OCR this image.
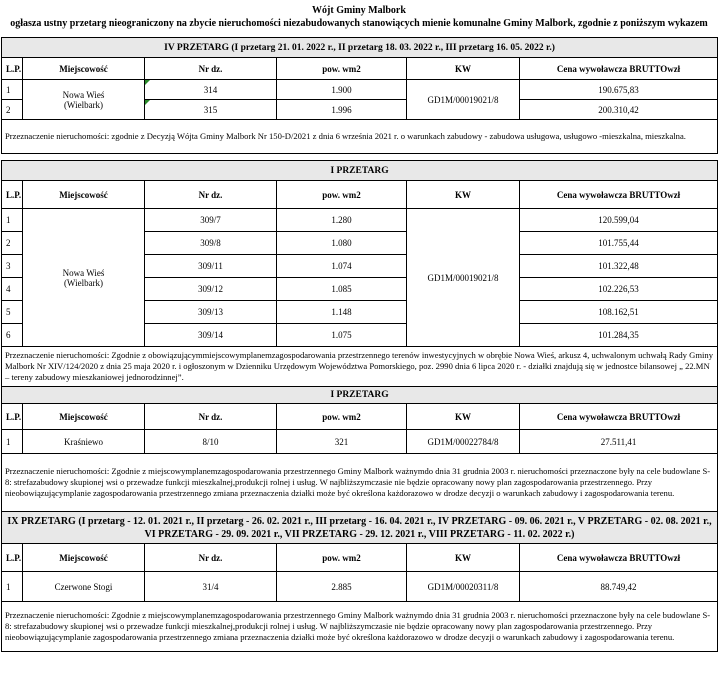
Wójt Gminy Malbork
ogłasza ustny przetarg nieograniczony na zbycie nieruchomości niezabudowanych stanowiących mienie komunalne Gminy Malbork, zgodnie z poniższym wykazem
IV PRZETARG (I przetarg 21. 01. 2022 r., II przetarg 18. 03. 2022 r., III przetarg 16. 05. 2022 r.)					
L.P.	Miejscowość	Nr dz.	pow. wm2	KW	Cena wywoławcza BRUTTOwzł
1	Nowa Wieś
(Wielbark)	314	1.900	GD1M/00019021/8	190.675,83
2		315	1.996		200.310,42
Przeznaczenie nieruchomości: zgodnie z Decyzją Wójta Gminy Malbork Nr 150-D/2021 z dnia 6 września 2021 r. o warunkach zabudowy - zabudowa usługowa, usługowo -mieszkalna, mieszkalna.					

I PRZETARG					
L.P.	Miejscowość	Nr dz.	pow. wm2	KW	Cena wywoławcza BRUTTOwzł
1	Nowa Wieś
(Wielbark)	309/7	1.280	GD1M/00019021/8	120.599,04
2		309/8	1.080		101.755,44
3		309/11	1.074		101.322,48
4		309/12	1.085		102.226,53
5		309/13	1.148		108.162,51
6		309/14	1.075		101.284,35
Przeznaczenie nieruchomości: Zgodnie z obowiązującymmiejscowymplanemzagospodarowania przestrzennego terenów inwestycyjnych w obrębie Nowa Wieś, arkusz 4, uchwalonym uchwałą Rady Gminy Malbork Nr XIV/124/2020 z dnia 25 maja 2020 r. i ogłoszonym w Dzienniku Urzędowym Województwa Pomorskiego, poz. 2990 dnia 6 lipca 2020 r. - działki znajdują się w jednostce bilansowej „ 22.MN – tereny zabudowy mieszkaniowej jednorodzinnej”.					
I PRZETARG					
L.P.	Miejscowość	Nr dz.	pow. wm2	KW	Cena wywoławcza BRUTTOwzł
1	Kraśniewo	8/10	321	GD1M/00022784/8	27.511,41
Przeznaczenie nieruchomości: Zgodnie z miejscowymplanemzagospodarowania przestrzennego Gminy Malbork ważnymdo dnia 31 grudnia 2003 r. nieruchomości przeznaczone były na cele budowlane S-8: strefazabudowy skupionej wsi o przewadze funkcji mieszkalnej,produkcji rolnej i usług. W najbliższymczasie nie będzie opracowany nowy plan zagospodarowania przestrzennego. Przy nieobowiązującymplanie zagospodarowania przestrzennego zmiana przeznaczenia działki może być określona każdorazowo w drodze decyzji o warunkach zabudowy i zagospodarowania terenu.					
IX PRZETARG (I przetarg - 12. 01. 2021 r., II przetarg - 26. 02. 2021 r., III przetarg - 16. 04. 2021 r., IV PRZETARG - 09. 06. 2021 r., V PRZETARG - 02. 08. 2021 r., VI PRZETARG - 29. 09. 2021 r., VII PRZETARG - 29. 12. 2021 r., VIII PRZETARG - 11. 02. 2022 r.)					
L.P.	Miejscowość	Nr dz.	pow. wm2	KW	Cena wywoławcza BRUTTOwzł
1	Czerwone Stogi	31/4	2.885	GD1M/00020311/8	88.749,42
Przeznaczenie nieruchomości: Zgodnie z miejscowymplanemzagospodarowania przestrzennego Gminy Malbork ważnymdo dnia 31 grudnia 2003 r. nieruchomości przeznaczone były na cele budowlane S-8: strefazabudowy skupionej wsi o przewadze funkcji mieszkalnej,produkcji rolnej i usług. W najbliższymczasie nie będzie opracowany nowy plan zagospodarowania przestrzennego. Przy nieobowiązującymplanie zagospodarowania przestrzennego zmiana przeznaczenia działki może być określona każdorazowo w drodze decyzji o warunkach zabudowy i zagospodarowania terenu.					
